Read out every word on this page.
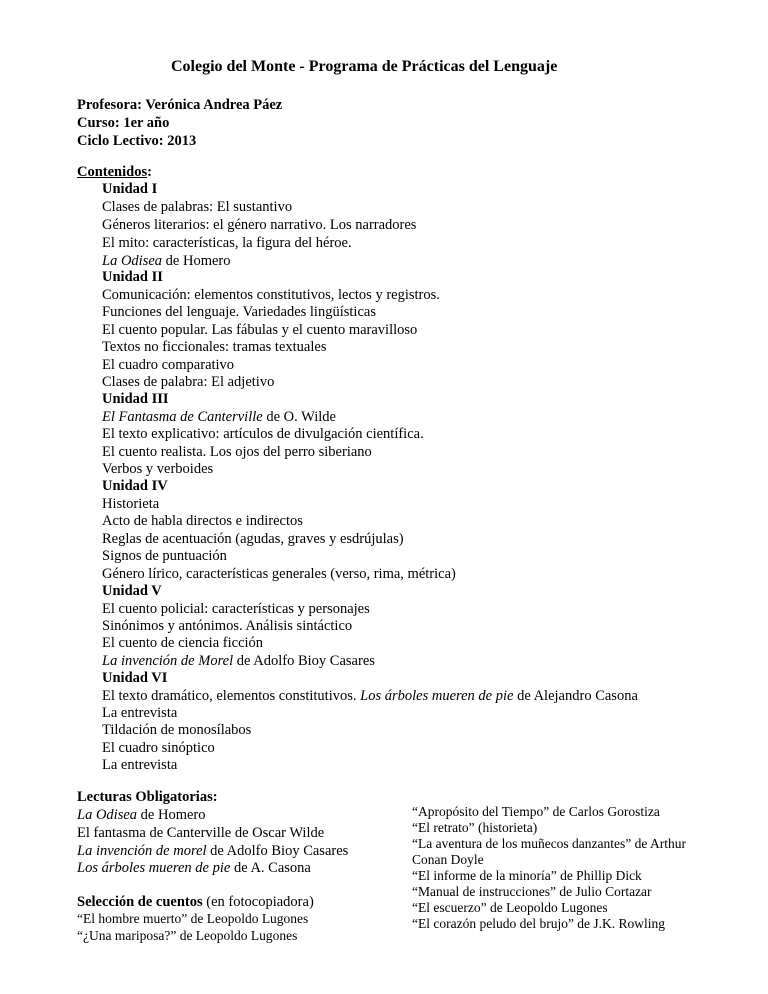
Colegio del Monte - Programa de Prácticas del Lenguaje
Profesora: Verónica Andrea Páez
Curso: 1er año
Ciclo Lectivo: 2013
Contenidos:
Unidad I
Clases de palabras: El sustantivo
Géneros literarios: el género narrativo. Los narradores
El mito: características, la figura del héroe.
La Odisea de Homero
Unidad II
Comunicación: elementos constitutivos, lectos y registros.
Funciones del lenguaje. Variedades lingüísticas
El cuento popular. Las fábulas y el cuento maravilloso
Textos no ficcionales: tramas textuales
El cuadro comparativo
Clases de palabra: El adjetivo
Unidad III
El Fantasma de Canterville de O. Wilde
El texto explicativo: artículos de divulgación científica.
El cuento realista. Los ojos del perro siberiano
Verbos y verboides
Unidad IV
Historieta
Acto de habla directos e indirectos
Reglas de acentuación (agudas, graves y esdrújulas)
Signos de puntuación
Género lírico, características generales (verso, rima, métrica)
Unidad V
El cuento policial: características y personajes
Sinónimos y antónimos. Análisis sintáctico
El cuento de ciencia ficción
La invención de Morel de Adolfo Bioy Casares
Unidad VI
El texto dramático, elementos constitutivos. Los árboles mueren de pie de Alejandro Casona
La entrevista
Tildación de monosílabos
El cuadro sinóptico
La entrevista
Lecturas Obligatorias:
La Odisea de Homero
El fantasma de Canterville de Oscar Wilde
La invención de morel de Adolfo Bioy Casares
Los árboles mueren de pie de A. Casona
Selección de cuentos (en fotocopiadora)
“El hombre muerto” de Leopoldo Lugones
“¿Una mariposa?” de Leopoldo Lugones
“Apropósito del Tiempo” de Carlos Gorostiza
“El retrato” (historieta)
“La aventura de los muñecos danzantes” de Arthur
Conan Doyle
“El informe de la minoría” de Phillip Dick
“Manual de instrucciones” de Julio Cortazar
“El escuerzo” de Leopoldo Lugones
“El corazón peludo del brujo” de J.K. Rowling
